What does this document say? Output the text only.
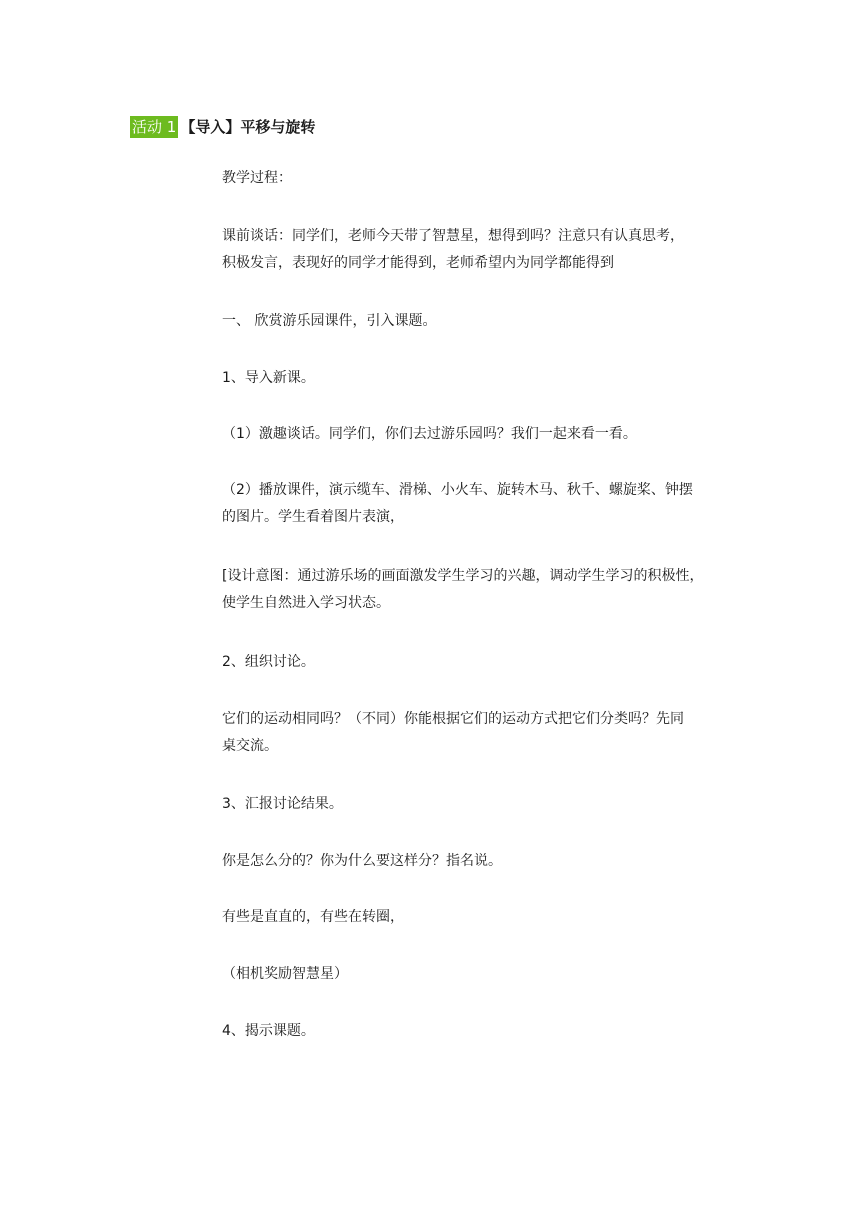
活动 1 【导入】平移与旋转

教学过程：

课前谈话：同学们，老师今天带了智慧星，想得到吗？注意只有认真思考，

积极发言，表现好的同学才能得到，老师希望内为同学都能得到

一、 欣赏游乐园课件，引入课题。

1、导入新课。

（1）激趣谈话。同学们，你们去过游乐园吗？我们一起来看一看。

（2）播放课件，演示缆车、滑梯、小火车、旋转木马、秋千、螺旋桨、钟摆

的图片。学生看着图片表演，

[设计意图：通过游乐场的画面激发学生学习的兴趣，调动学生学习的积极性，

使学生自然进入学习状态。

2、组织讨论。

它们的运动相同吗？（不同）你能根据它们的运动方式把它们分类吗？先同

桌交流。

3、汇报讨论结果。

你是怎么分的？你为什么要这样分？指名说。

有些是直直的，有些在转圈，

（相机奖励智慧星）

4、揭示课题。
